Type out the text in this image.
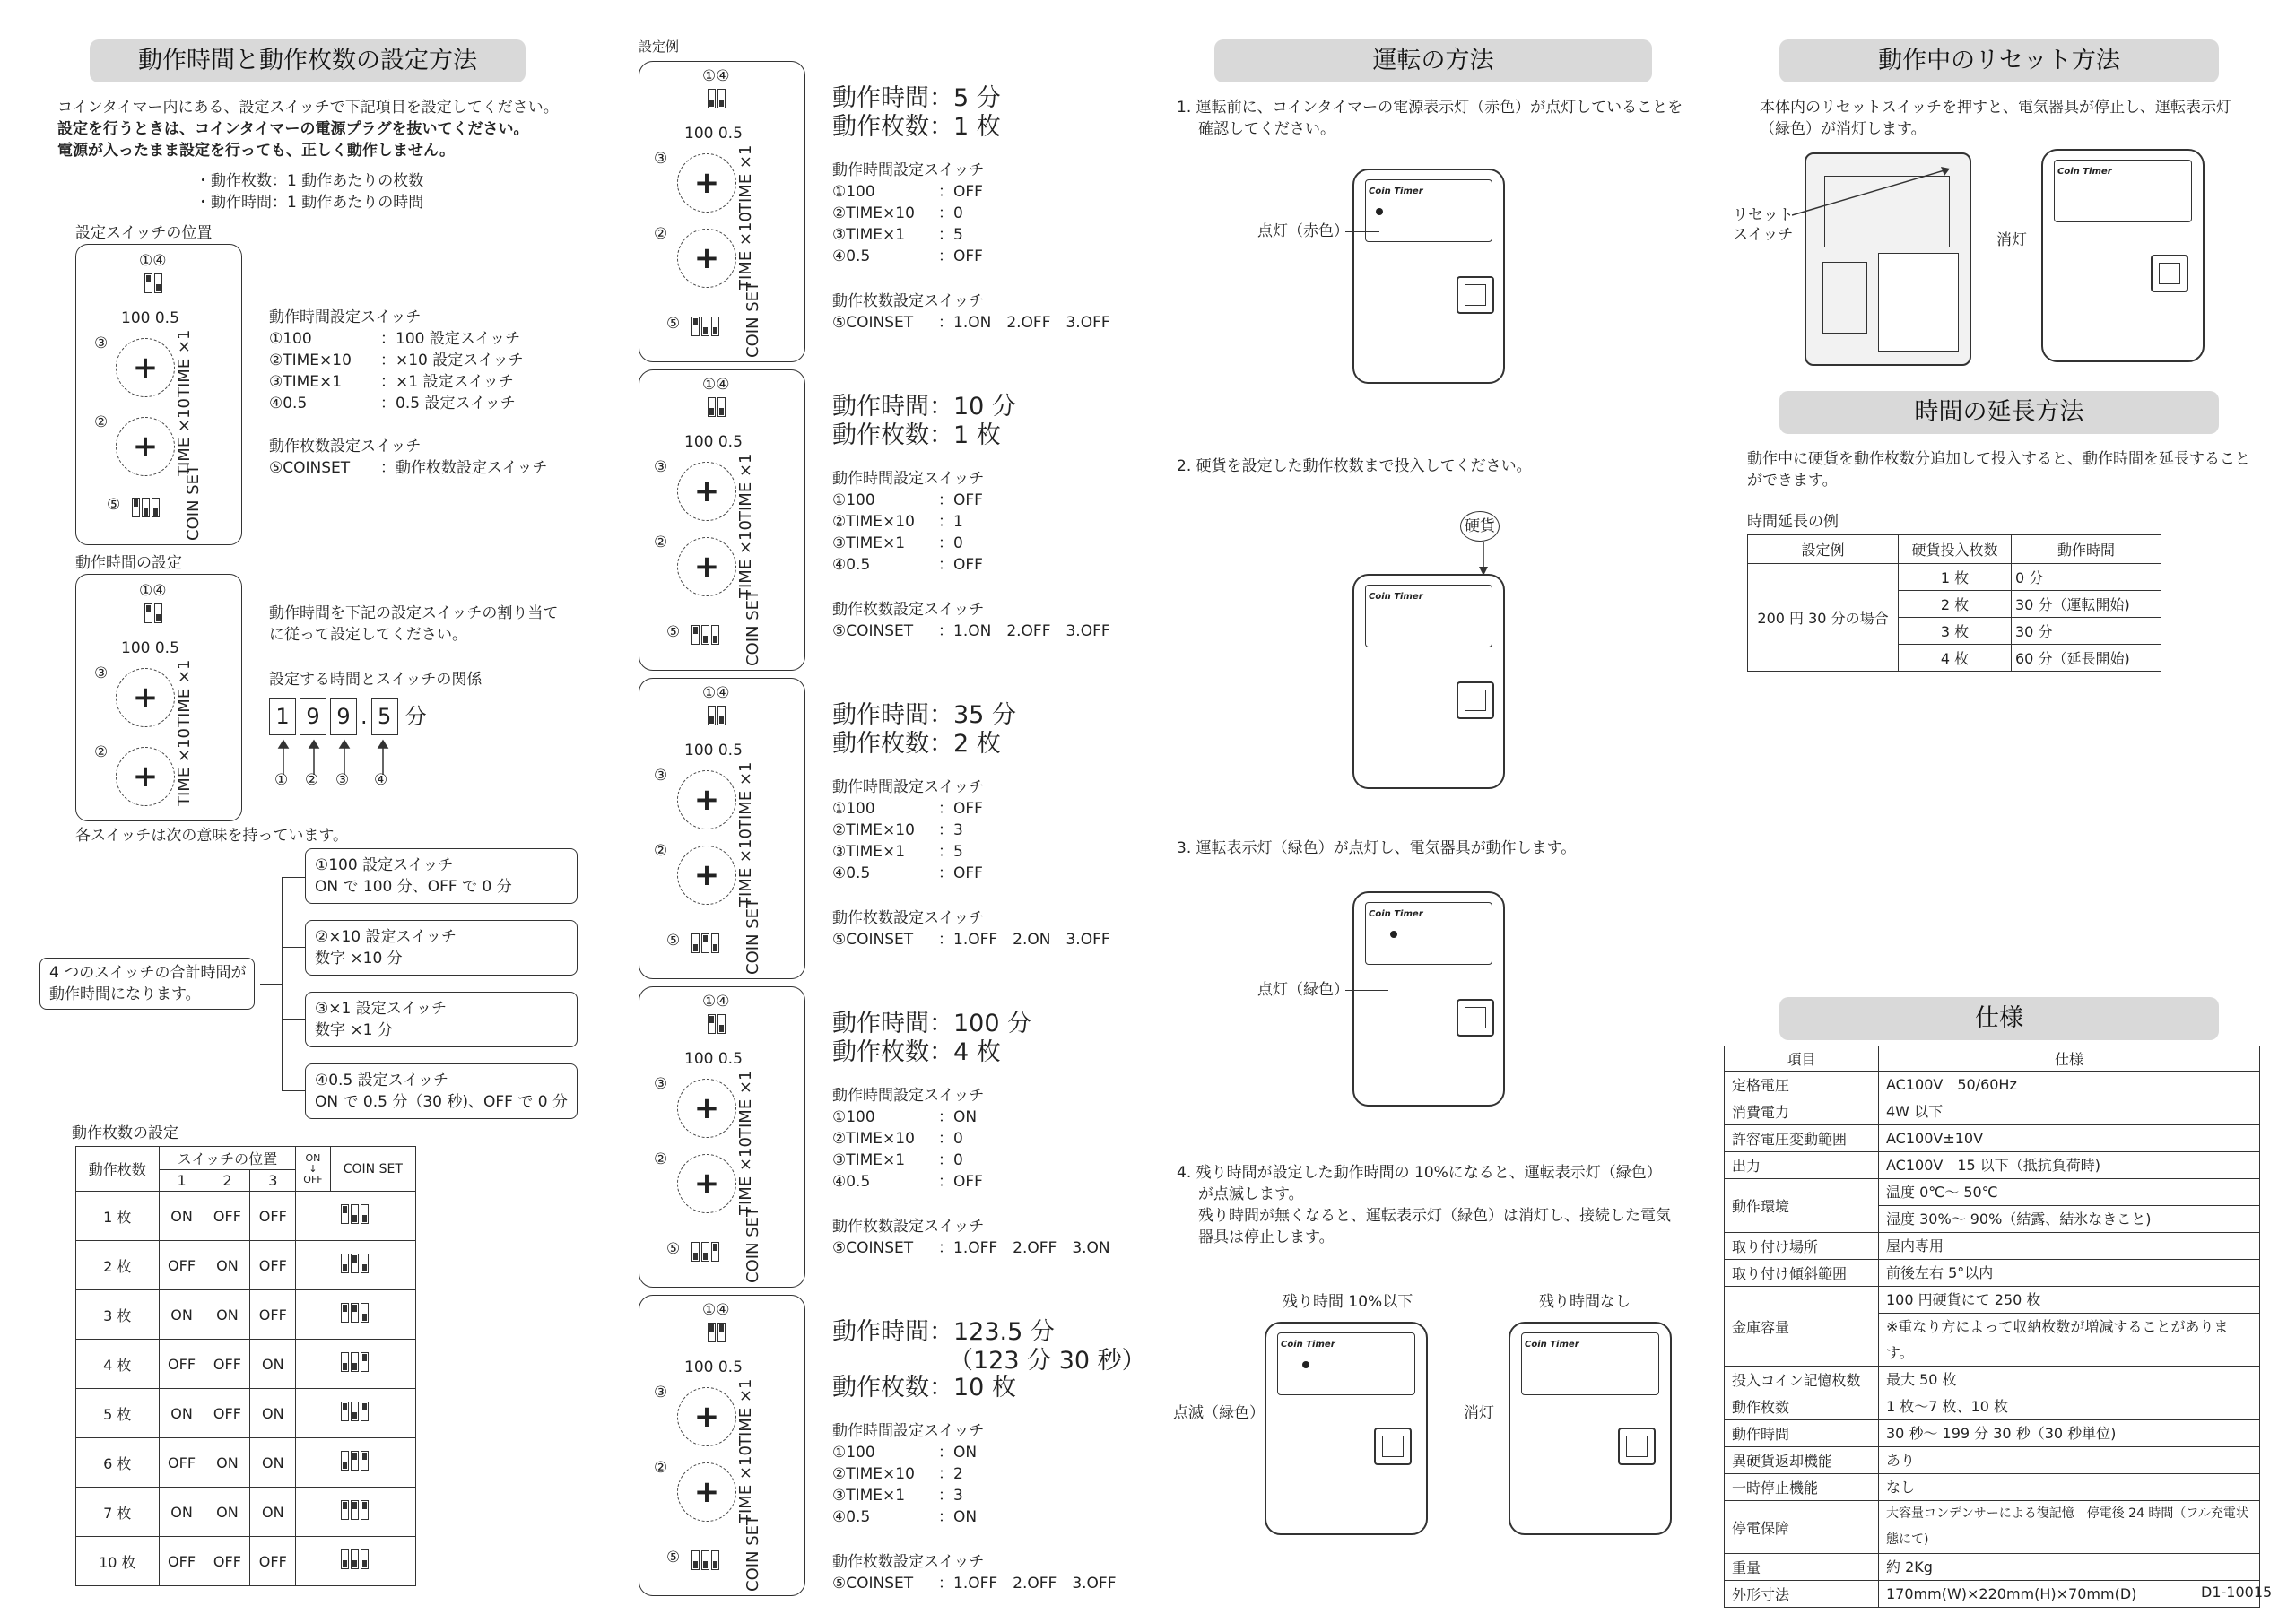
動作時間と動作枚数の設定方法
コインタイマー内にある、設定スイッチで下記項目を設定してください。
設定を行うときは、コインタイマーの電源プラグを抜いてください。
電源が入ったまま設定を行っても、正しく動作しません。
・動作枚数：1 動作あたりの枚数
・動作時間：1 動作あたりの時間
設定スイッチの位置
①④
100 0.5
③ +	TIME ×1
② +	TIME ×10
⑤	COIN SET
動作時間設定スイッチ
①100	：100 設定スイッチ
②TIME×10 ：×10 設定スイッチ
③TIME×1	：×1 設定スイッチ
④0.5	：0.5 設定スイッチ
動作枚数設定スイッチ
⑤COINSET ：動作枚数設定スイッチ
動作時間の設定
①④
100 0.5
③ +	TIME ×1
② +	TIME ×10
動作時間を下記の設定スイッチの割り当て
に従って設定してください。
設定する時間とスイッチの関係
1 9 9 . 5 分
① ② ③ ④
各スイッチは次の意味を持っています。
4 つのスイッチの合計時間が
動作時間になります。
①100 設定スイッチ
ON で 100 分、OFF で 0 分
②×10 設定スイッチ
数字 ×10 分
③×1 設定スイッチ
数字 ×1 分
④0.5 設定スイッチ
ON で 0.5 分（30 秒)、OFF で 0 分
動作枚数の設定
動作枚数	スイッチの位置			ON
↓
OFF	COIN SET
	1	2	3		
1 枚	ON	OFF	OFF		
2 枚	OFF	ON	OFF		
3 枚	ON	ON	OFF		
4 枚	OFF	OFF	ON		
5 枚	ON	OFF	ON		
6 枚	OFF	ON	ON		
7 枚	ON	ON	ON		
10 枚	OFF	OFF	OFF		
設定例
①④
100 0.5
③ +	TIME ×1
② +	TIME ×10
⑤	COIN SET
動作時間：5 分
動作枚数：1 枚
動作時間設定スイッチ
①100	：OFF
②TIME×10 ：0
③TIME×1 ：5
④0.5	：OFF
動作枚数設定スイッチ
⑤COINSET ：1.ON　2.OFF　3.OFF
①④
100 0.5
③ +	TIME ×1
② +	TIME ×10
⑤	COIN SET
動作時間：10 分
動作枚数：1 枚
動作時間設定スイッチ
①100	：OFF
②TIME×10 ：1
③TIME×1 ：0
④0.5	：OFF
動作枚数設定スイッチ
⑤COINSET ：1.ON　2.OFF　3.OFF
①④
100 0.5
③ +	TIME ×1
② +	TIME ×10
⑤	COIN SET
動作時間：35 分
動作枚数：2 枚
動作時間設定スイッチ
①100	：OFF
②TIME×10 ：3
③TIME×1 ：5
④0.5	：OFF
動作枚数設定スイッチ
⑤COINSET ：1.OFF　2.ON　3.OFF
①④
100 0.5
③ +	TIME ×1
② +	TIME ×10
⑤	COIN SET
動作時間：100 分
動作枚数：4 枚
動作時間設定スイッチ
①100	：ON
②TIME×10 ：0
③TIME×1 ：0
④0.5	：OFF
動作枚数設定スイッチ
⑤COINSET ：1.OFF　2.OFF　3.ON
①④
100 0.5
③ +	TIME ×1
② +	TIME ×10
⑤	COIN SET
動作時間：123.5 分
（123 分 30 秒）
動作枚数：10 枚
動作時間設定スイッチ
①100	：ON
②TIME×10 ：2
③TIME×1 ：3
④0.5	：ON
動作枚数設定スイッチ
⑤COINSET ：1.OFF　2.OFF　3.OFF
運転の方法
1. 運転前に、コインタイマーの電源表示灯（赤色）が点灯していることを
確認してください。
Coin Timer
点灯（赤色）
2. 硬貨を設定した動作枚数まで投入してください。
硬貨
Coin Timer
3. 運転表示灯（緑色）が点灯し、電気器具が動作します。
Coin Timer
点灯（緑色）
4. 残り時間が設定した動作時間の 10%になると、運転表示灯（緑色）
が点滅します。
残り時間が無くなると、運転表示灯（緑色）は消灯し、接続した電気
器具は停止します。
残り時間 10%以下	残り時間なし
Coin Timer	Coin Timer
点滅（緑色）	消灯
動作中のリセット方法
本体内のリセットスイッチを押すと、電気器具が停止し、運転表示灯
（緑色）が消灯します。
リセット
スイッチ
Coin Timer
消灯
時間の延長方法
動作中に硬貨を動作枚数分追加して投入すると、動作時間を延長すること
ができます。
時間延長の例
設定例	硬貨投入枚数	動作時間
200 円 30 分の場合	1 枚	0 分
	2 枚	30 分（運転開始)
	3 枚	30 分
	4 枚	60 分（延長開始)
仕様
項目	仕様
定格電圧	AC100V　50/60Hz

消費電力	4W 以下

許容電圧変動範囲	AC100V±10V

出力	AC100V　15 以下（抵抗負荷時)

動作環境	温度 0℃～ 50℃
湿度 30%～ 90%（結露、結氷なきこと)

取り付け場所	屋内専用

取り付け傾斜範囲	前後左右 5°以内

金庫容量	100 円硬貨にて 250 枚
※重なり方によって収納枚数が増減することがあります。

投入コイン記憶枚数	最大 50 枚

動作枚数	1 枚～7 枚、10 枚

動作時間	30 秒～ 199 分 30 秒（30 秒単位)

異硬貨返却機能	あり

一時停止機能	なし

停電保障	大容量コンデンサーによる復記憶　停電後 24 時間（フル充電状態にて)

重量	約 2Kg

外形寸法	170mm(W)×220mm(H)×70mm(D)	D1-10015
